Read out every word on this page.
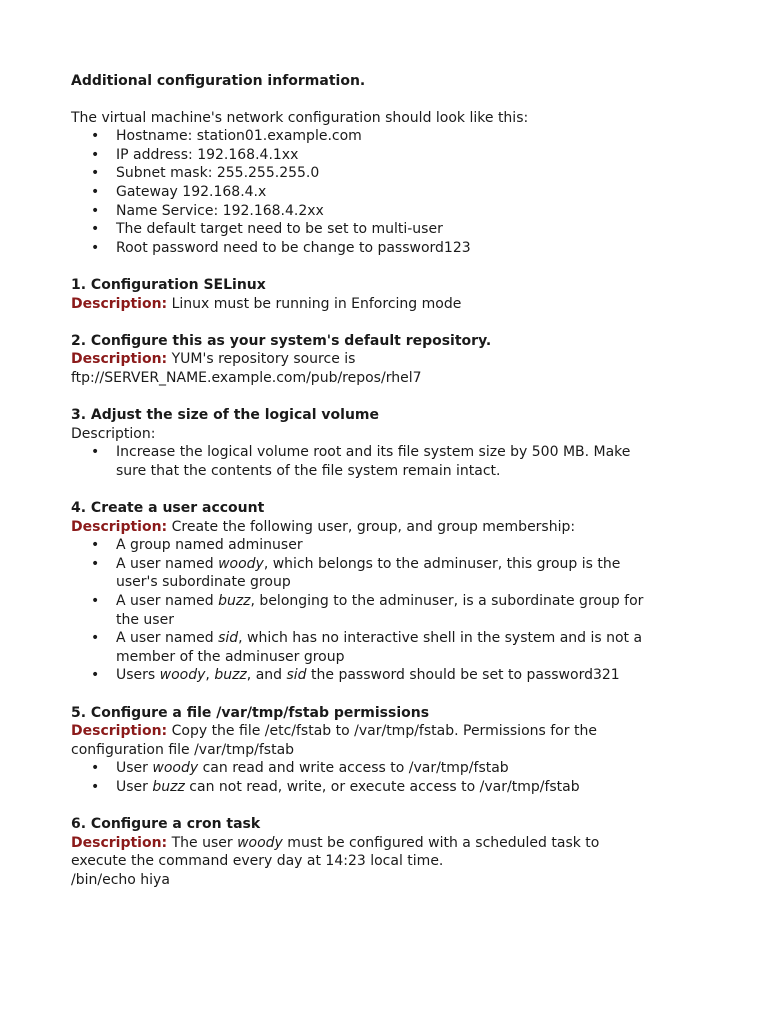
Additional configuration information.

The virtual machine's network configuration should look like this:

• Hostname: station01.example.com
• IP address: 192.168.4.1xx
• Subnet mask: 255.255.255.0
• Gateway 192.168.4.x
• Name Service: 192.168.4.2xx
• The default target need to be set to multi-user
• Root password need to be change to password123

1. Configuration SELinux

Description: Linux must be running in Enforcing mode

2. Configure this as your system's default repository.

Description: YUM's repository source is

ftp://SERVER_NAME.example.com/pub/repos/rhel7

3. Adjust the size of the logical volume

Description:

• Increase the logical volume root and its file system size by 500 MB. Make
sure that the contents of the file system remain intact.

4. Create a user account

Description: Create the following user, group, and group membership:

• A group named adminuser
• A user named woody, which belongs to the adminuser, this group is the
user's subordinate group
• A user named buzz, belonging to the adminuser, is a subordinate group for
the user
• A user named sid, which has no interactive shell in the system and is not a
member of the adminuser group
• Users woody, buzz, and sid the password should be set to password321

5. Configure a file /var/tmp/fstab permissions

Description: Copy the file /etc/fstab to /var/tmp/fstab. Permissions for the

configuration file /var/tmp/fstab

• User woody can read and write access to /var/tmp/fstab
• User buzz can not read, write, or execute access to /var/tmp/fstab

6. Configure a cron task

Description: The user woody must be configured with a scheduled task to

execute the command every day at 14:23 local time.

/bin/echo hiya
